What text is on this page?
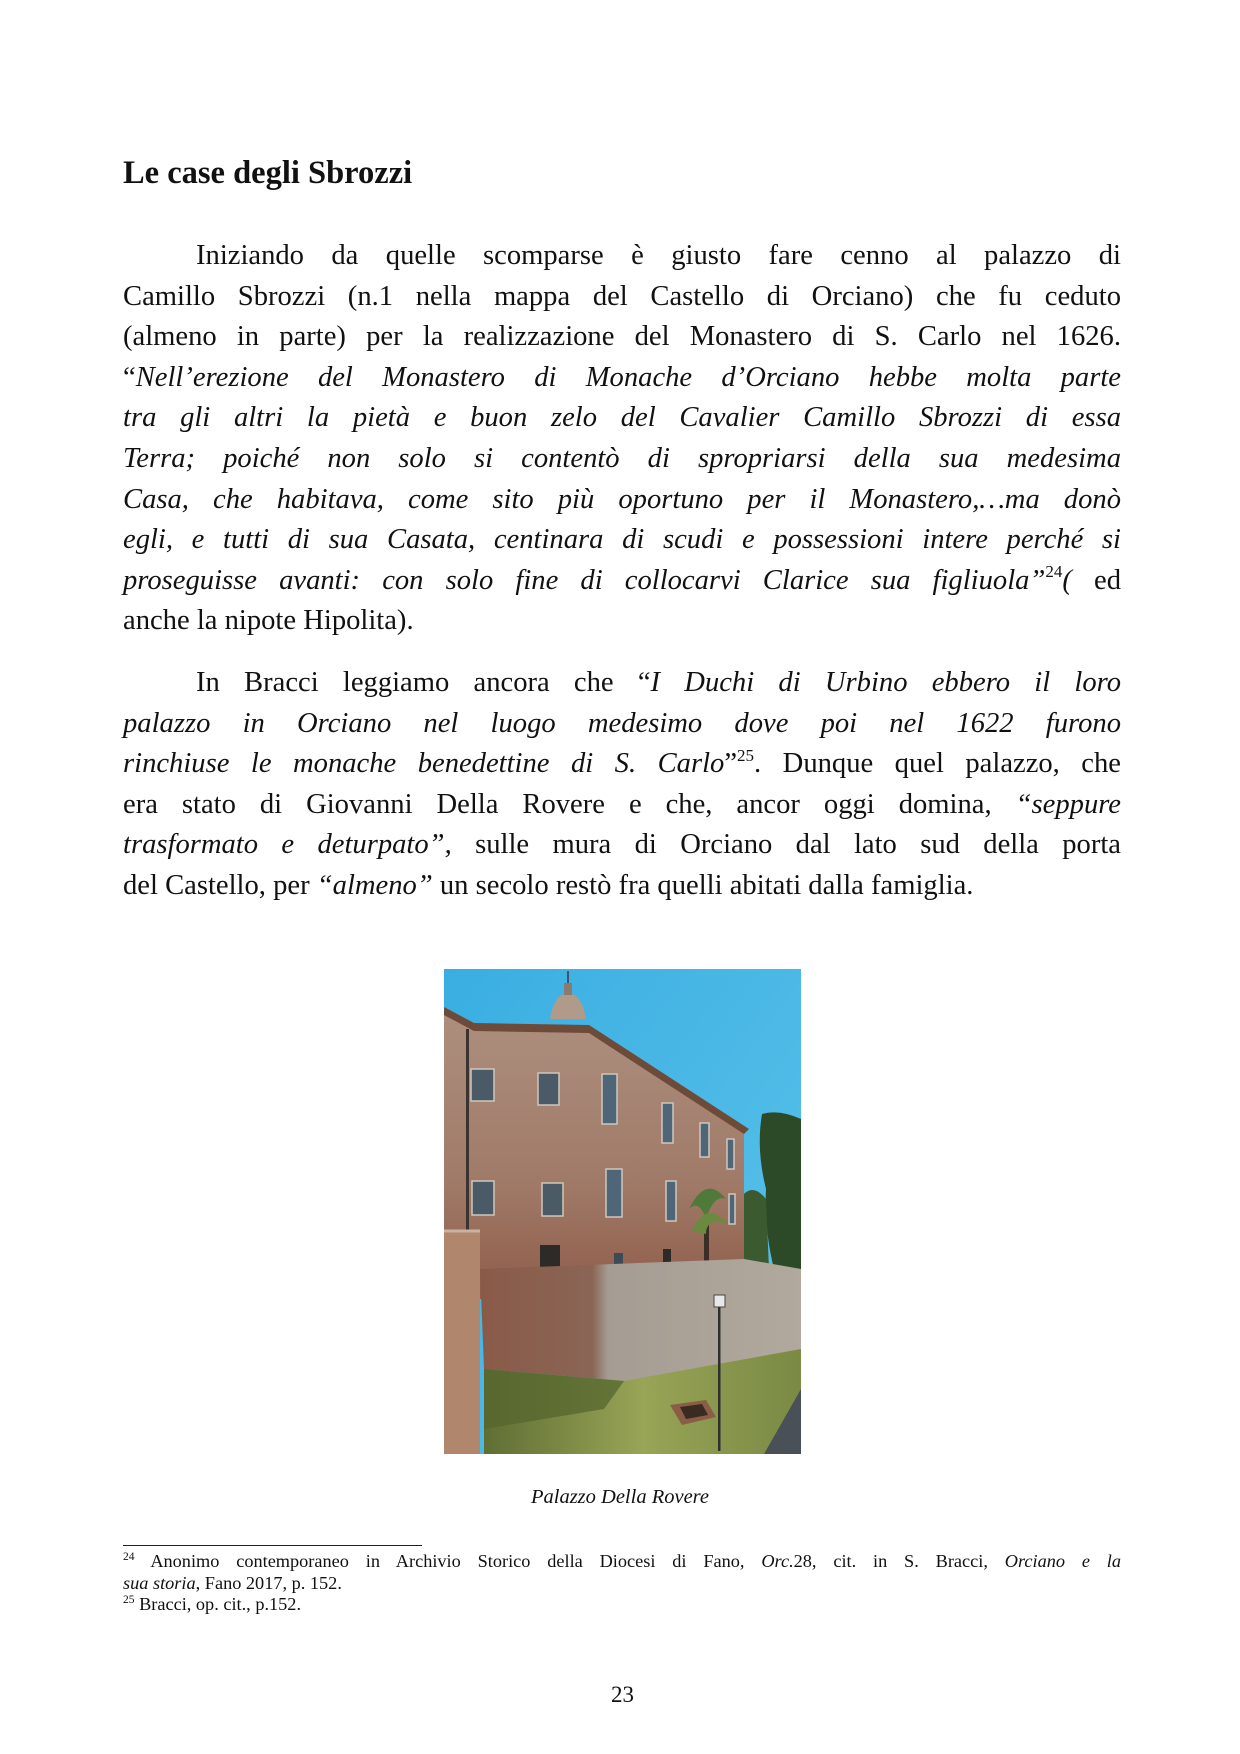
Le case degli Sbrozzi
Iniziando da quelle scomparse è giusto fare cenno al palazzo di
Camillo Sbrozzi (n.1 nella mappa del Castello di Orciano) che fu ceduto
(almeno in parte) per la realizzazione del Monastero di S. Carlo nel 1626.
“Nell’erezione del Monastero di Monache d’Orciano hebbe molta parte
tra gli altri la pietà e buon zelo del Cavalier Camillo Sbrozzi di essa
Terra; poiché non solo si contentò di spropriarsi della sua medesima
Casa, che habitava, come sito più oportuno per il Monastero,…ma donò
egli, e tutti di sua Casata, centinara di scudi e possessioni intere perché si
proseguisse avanti: con solo fine di collocarvi Clarice sua figliuola”$^{24}$( ed
anche la nipote Hipolita).
In Bracci leggiamo ancora che “I Duchi di Urbino ebbero il loro
palazzo in Orciano nel luogo medesimo dove poi nel 1622 furono
rinchiuse le monache benedettine di S. Carlo”$^{25}$. Dunque quel palazzo, che
era stato di Giovanni Della Rovere e che, ancor oggi domina, “seppure
trasformato e deturpato”, sulle mura di Orciano dal lato sud della porta
del Castello, per “almeno” un secolo restò fra quelli abitati dalla famiglia.
Palazzo Della Rovere
$^{24}$ Anonimo contemporaneo in Archivio Storico della Diocesi di Fano, Orc.28, cit. in S. Bracci, Orciano e la
sua storia, Fano 2017, p. 152.
$^{25}$ Bracci, op. cit., p.152.
23
